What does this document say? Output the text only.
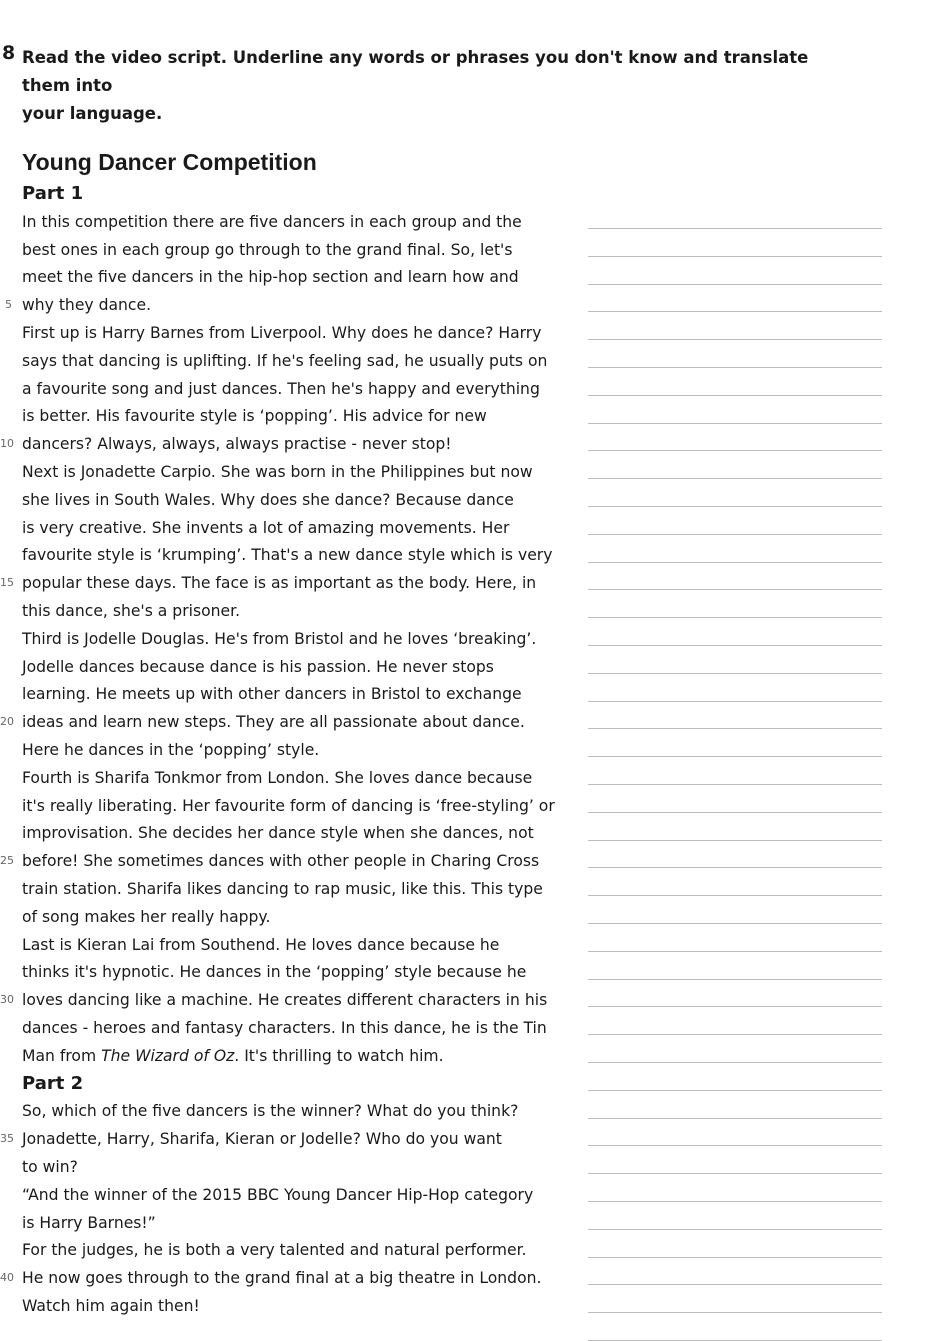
8 Read the video script. Underline any words or phrases you don't know and translate them into
your language.
Young Dancer Competition
Part 1
In this competition there are five dancers in each group and the
best ones in each group go through to the grand final. So, let's
meet the five dancers in the hip-hop section and learn how and
5 why they dance.
First up is Harry Barnes from Liverpool. Why does he dance? Harry
says that dancing is uplifting. If he's feeling sad, he usually puts on
a favourite song and just dances. Then he's happy and everything
is better. His favourite style is ‘popping’. His advice for new
10 dancers? Always, always, always practise - never stop!
Next is Jonadette Carpio. She was born in the Philippines but now
she lives in South Wales. Why does she dance? Because dance
is very creative. She invents a lot of amazing movements. Her
favourite style is ‘krumping’. That's a new dance style which is very
15 popular these days. The face is as important as the body. Here, in
this dance, she's a prisoner.
Third is Jodelle Douglas. He's from Bristol and he loves ‘breaking’.
Jodelle dances because dance is his passion. He never stops
learning. He meets up with other dancers in Bristol to exchange
20 ideas and learn new steps. They are all passionate about dance.
Here he dances in the ‘popping’ style.
Fourth is Sharifa Tonkmor from London. She loves dance because
it's really liberating. Her favourite form of dancing is ‘free-styling’ or
improvisation. She decides her dance style when she dances, not
25 before! She sometimes dances with other people in Charing Cross
train station. Sharifa likes dancing to rap music, like this. This type
of song makes her really happy.
Last is Kieran Lai from Southend. He loves dance because he
thinks it's hypnotic. He dances in the ‘popping’ style because he
30 loves dancing like a machine. He creates different characters in his
dances - heroes and fantasy characters. In this dance, he is the Tin
Man from The Wizard of Oz. It's thrilling to watch him.
Part 2
So, which of the five dancers is the winner? What do you think?
35 Jonadette, Harry, Sharifa, Kieran or Jodelle? Who do you want
to win?
“And the winner of the 2015 BBC Young Dancer Hip-Hop category
is Harry Barnes!”
For the judges, he is both a very talented and natural performer.
40 He now goes through to the grand final at a big theatre in London.
Watch him again then!
